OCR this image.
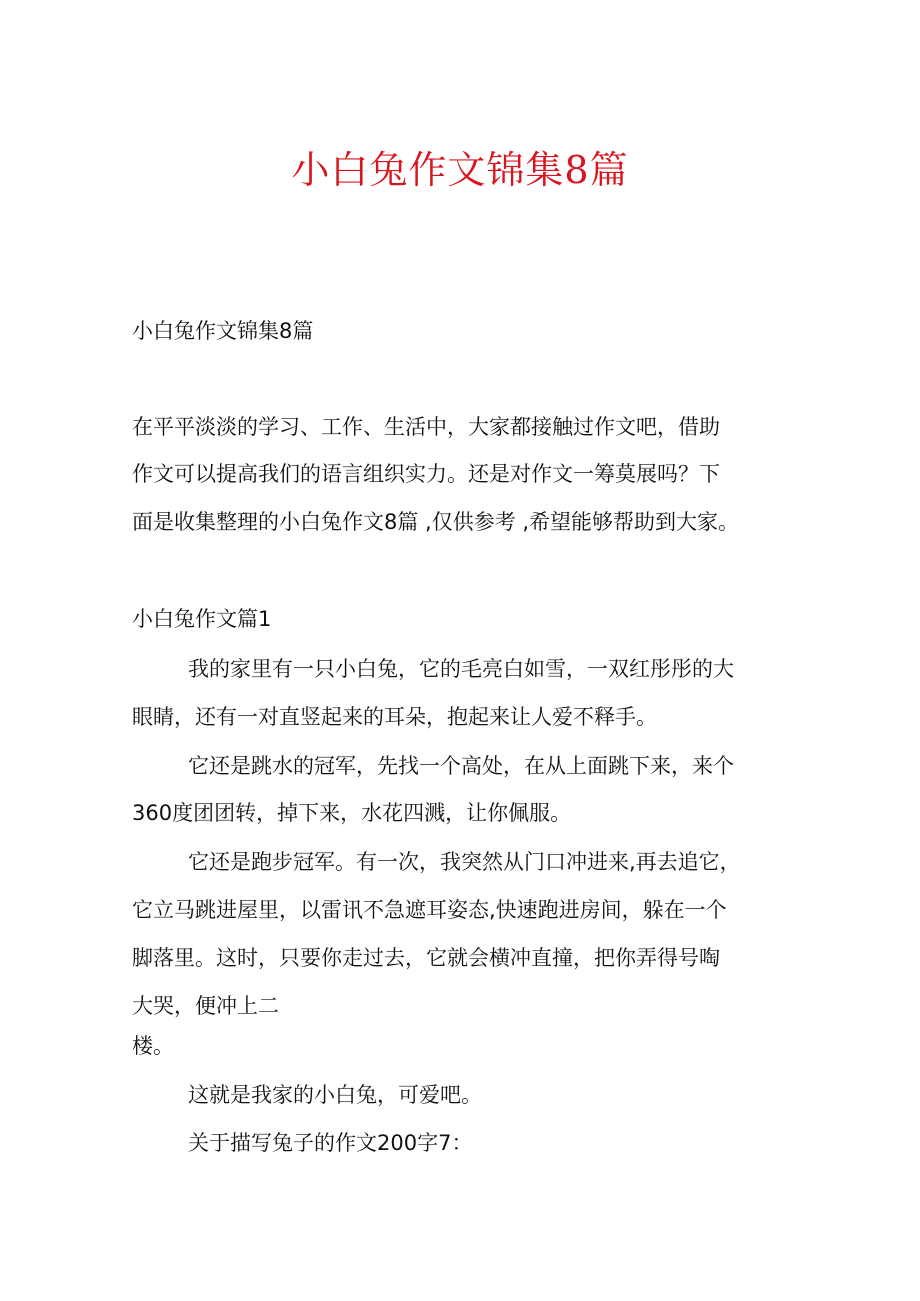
小白兔作文锦集8篇
小白兔作文锦集8篇
在平平淡淡的学习、工作、生活中，大家都接触过作文吧，借助
作文可以提高我们的语言组织实力。还是对作文一筹莫展吗？下
面是收集整理的小白兔作文8篇 ,仅供参考 ,希望能够帮助到大家。
小白兔作文篇1
我的家里有一只小白兔，它的毛亮白如雪，一双红彤彤的大
眼睛，还有一对直竖起来的耳朵，抱起来让人爱不释手。
它还是跳水的冠军，先找一个高处，在从上面跳下来，来个
360度团团转，掉下来，水花四溅，让你佩服。
它还是跑步冠军。有一次，我突然从门口冲进来,再去追它，
它立马跳进屋里，以雷讯不急遮耳姿态,快速跑进房间，躲在一个
脚落里。这时，只要你走过去，它就会横冲直撞，把你弄得号啕
大哭，便冲上二
楼。
这就是我家的小白兔，可爱吧。
关于描写兔子的作文200字7：
